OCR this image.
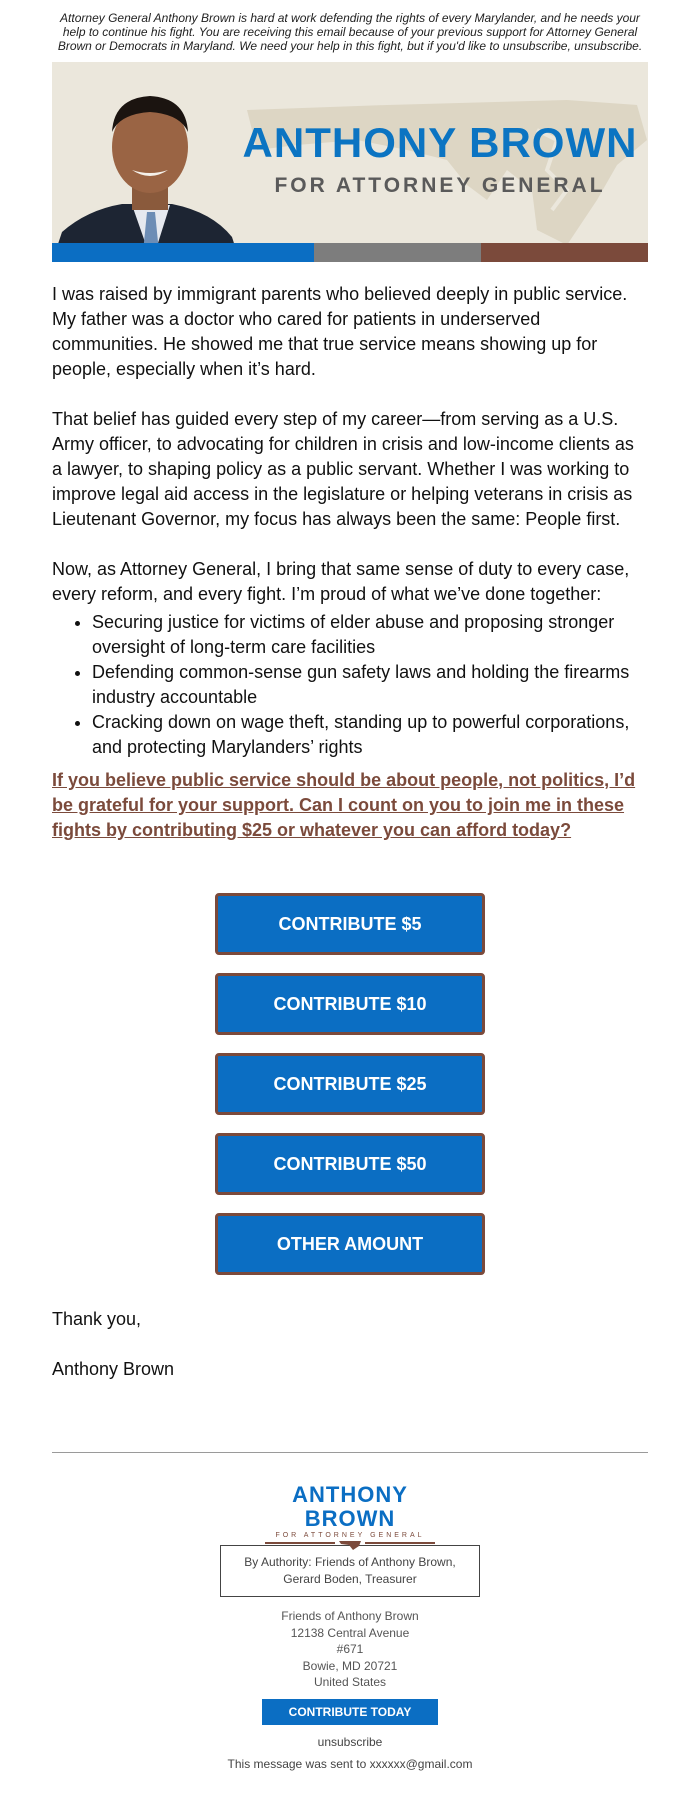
Attorney General Anthony Brown is hard at work defending the rights of every Marylander, and he needs your help to continue his fight. You are receiving this email because of your previous support for Attorney General Brown or Democrats in Maryland. We need your help in this fight, but if you'd like to unsubscribe, unsubscribe.
ANTHONY BROWN
FOR ATTORNEY GENERAL

I was raised by immigrant parents who believed deeply in public service. My father was a doctor who cared for patients in underserved communities. He showed me that true service means showing up for people, especially when it’s hard.

That belief has guided every step of my career—from serving as a U.S. Army officer, to advocating for children in crisis and low-income clients as a lawyer, to shaping policy as a public servant. Whether I was working to improve legal aid access in the legislature or helping veterans in crisis as Lieutenant Governor, my focus has always been the same: People first.

Now, as Attorney General, I bring that same sense of duty to every case, every reform, and every fight. I’m proud of what we’ve done together:

• Securing justice for victims of elder abuse and proposing stronger oversight of long-term care facilities
• Defending common-sense gun safety laws and holding the firearms industry accountable
• Cracking down on wage theft, standing up to powerful corporations, and protecting Marylanders’ rights
If you believe public service should be about people, not politics, I’d be grateful for your support. Can I count on you to join me in these fights by contributing $25 or whatever you can afford today?
CONTRIBUTE $5
CONTRIBUTE $10
CONTRIBUTE $25
CONTRIBUTE $50
OTHER AMOUNT

Thank you,

Anthony Brown

ANTHONY BROWN
FOR ATTORNEY GENERAL
By Authority: Friends of Anthony Brown,
Gerard Boden, Treasurer
Friends of Anthony Brown
12138 Central Avenue
#671
Bowie, MD 20721
United States
CONTRIBUTE TODAY
unsubscribe
This message was sent to xxxxxx@gmail.com
